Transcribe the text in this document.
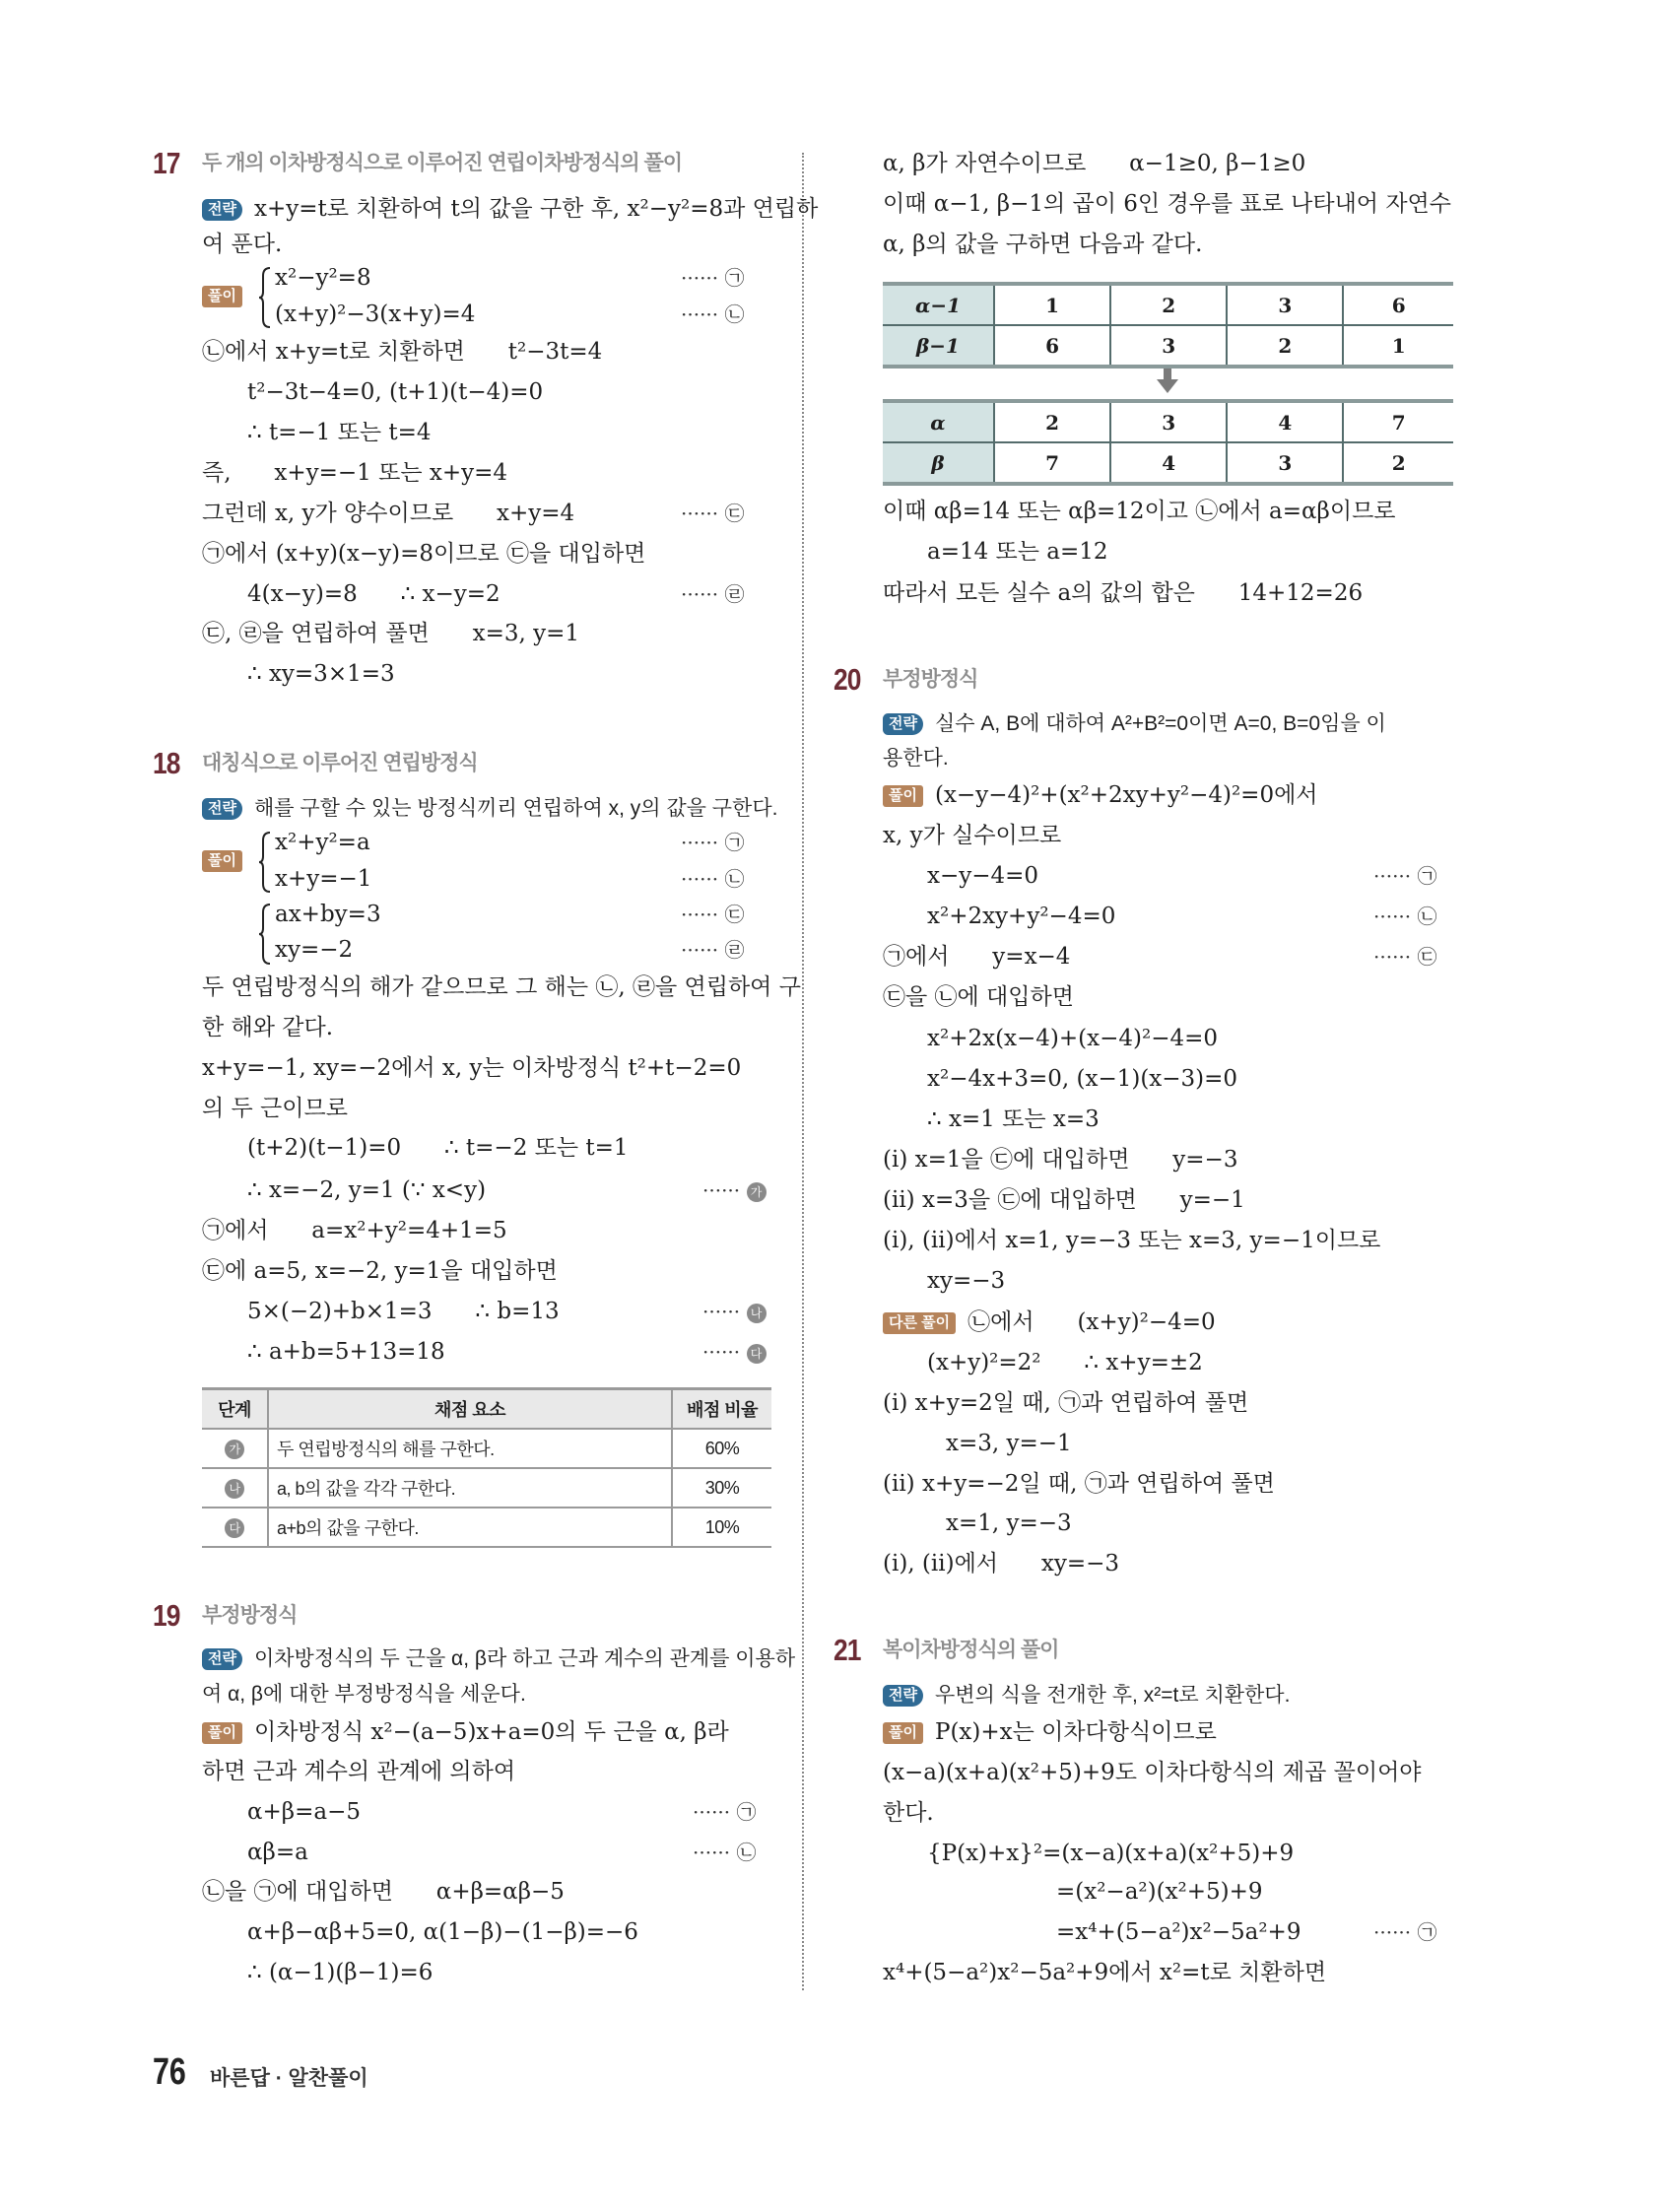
17 두 개의 이차방정식으로 이루어진 연립이차방정식의 풀이
전략 x+y=t로 치환하여 t의 값을 구한 후, x²−y²=8과 연립하
여 푼다.
풀이
x²−y²=8	······ ㉠
(x+y)²−3(x+y)=4	······ ㉡
㉡에서 x+y=t로 치환하면      t²−3t=4
t²−3t−4=0, (t+1)(t−4)=0
∴ t=−1 또는 t=4
즉,      x+y=−1 또는 x+y=4
그런데 x, y가 양수이므로      x+y=4	······ ㉢
㉠에서 (x+y)(x−y)=8이므로 ㉢을 대입하면
4(x−y)=8      ∴ x−y=2	······ ㉣
㉢, ㉣을 연립하여 풀면      x=3, y=1
∴ xy=3×1=3
18 대칭식으로 이루어진 연립방정식
전략 해를 구할 수 있는 방정식끼리 연립하여 x, y의 값을 구한다.
풀이
x²+y²=a	······ ㉠
x+y=−1	······ ㉡
ax+by=3	······ ㉢
xy=−2	······ ㉣
두 연립방정식의 해가 같으므로 그 해는 ㉡, ㉣을 연립하여 구
한 해와 같다.
x+y=−1, xy=−2에서 x, y는 이차방정식 t²+t−2=0
의 두 근이므로
(t+2)(t−1)=0      ∴ t=−2 또는 t=1
∴ x=−2, y=1 (∵ x<y)	······ 가
㉠에서      a=x²+y²=4+1=5
㉢에 a=5, x=−2, y=1을 대입하면
5×(−2)+b×1=3      ∴ b=13	······ 나
∴ a+b=5+13=18	······ 다
단계	채점 요소	배점 비율
가	두 연립방정식의 해를 구한다.	60%
나	a, b의 값을 각각 구한다.	30%
다	a+b의 값을 구한다.	10%
19 부정방정식
전략 이차방정식의 두 근을 α, β라 하고 근과 계수의 관계를 이용하
여 α, β에 대한 부정방정식을 세운다.
풀이 이차방정식 x²−(a−5)x+a=0의 두 근을 α, β라
하면 근과 계수의 관계에 의하여
α+β=a−5	······ ㉠
αβ=a	······ ㉡
㉡을 ㉠에 대입하면      α+β=αβ−5
α+β−αβ+5=0, α(1−β)−(1−β)=−6
∴ (α−1)(β−1)=6
α, β가 자연수이므로      α−1≥0, β−1≥0
이때 α−1, β−1의 곱이 6인 경우를 표로 나타내어 자연수
α, β의 값을 구하면 다음과 같다.
α−1	1	2	3	6
β−1	6	3	2	1
α	2	3	4	7
β	7	4	3	2
이때 αβ=14 또는 αβ=12이고 ㉡에서 a=αβ이므로
a=14 또는 a=12
따라서 모든 실수 a의 값의 합은      14+12=26
20 부정방정식
전략 실수 A, B에 대하여 A²+B²=0이면 A=0, B=0임을 이
용한다.
풀이 (x−y−4)²+(x²+2xy+y²−4)²=0에서
x, y가 실수이므로
x−y−4=0	······ ㉠
x²+2xy+y²−4=0	······ ㉡
㉠에서      y=x−4	······ ㉢
㉢을 ㉡에 대입하면
x²+2x(x−4)+(x−4)²−4=0
x²−4x+3=0, (x−1)(x−3)=0
∴ x=1 또는 x=3
(ⅰ) x=1을 ㉢에 대입하면      y=−3
(ⅱ) x=3을 ㉢에 대입하면      y=−1
(ⅰ), (ⅱ)에서 x=1, y=−3 또는 x=3, y=−1이므로
xy=−3
다른 풀이 ㉡에서      (x+y)²−4=0
(x+y)²=2²      ∴ x+y=±2
(ⅰ) x+y=2일 때, ㉠과 연립하여 풀면
x=3, y=−1
(ⅱ) x+y=−2일 때, ㉠과 연립하여 풀면
x=1, y=−3
(ⅰ), (ⅱ)에서      xy=−3
21 복이차방정식의 풀이
전략 우변의 식을 전개한 후, x²=t로 치환한다.
풀이 P(x)+x는 이차다항식이므로
(x−a)(x+a)(x²+5)+9도 이차다항식의 제곱 꼴이어야
한다.
{P(x)+x}²=(x−a)(x+a)(x²+5)+9
=(x²−a²)(x²+5)+9
=x⁴+(5−a²)x²−5a²+9	······ ㉠
x⁴+(5−a²)x²−5a²+9에서 x²=t로 치환하면
76 바른답 · 알찬풀이
